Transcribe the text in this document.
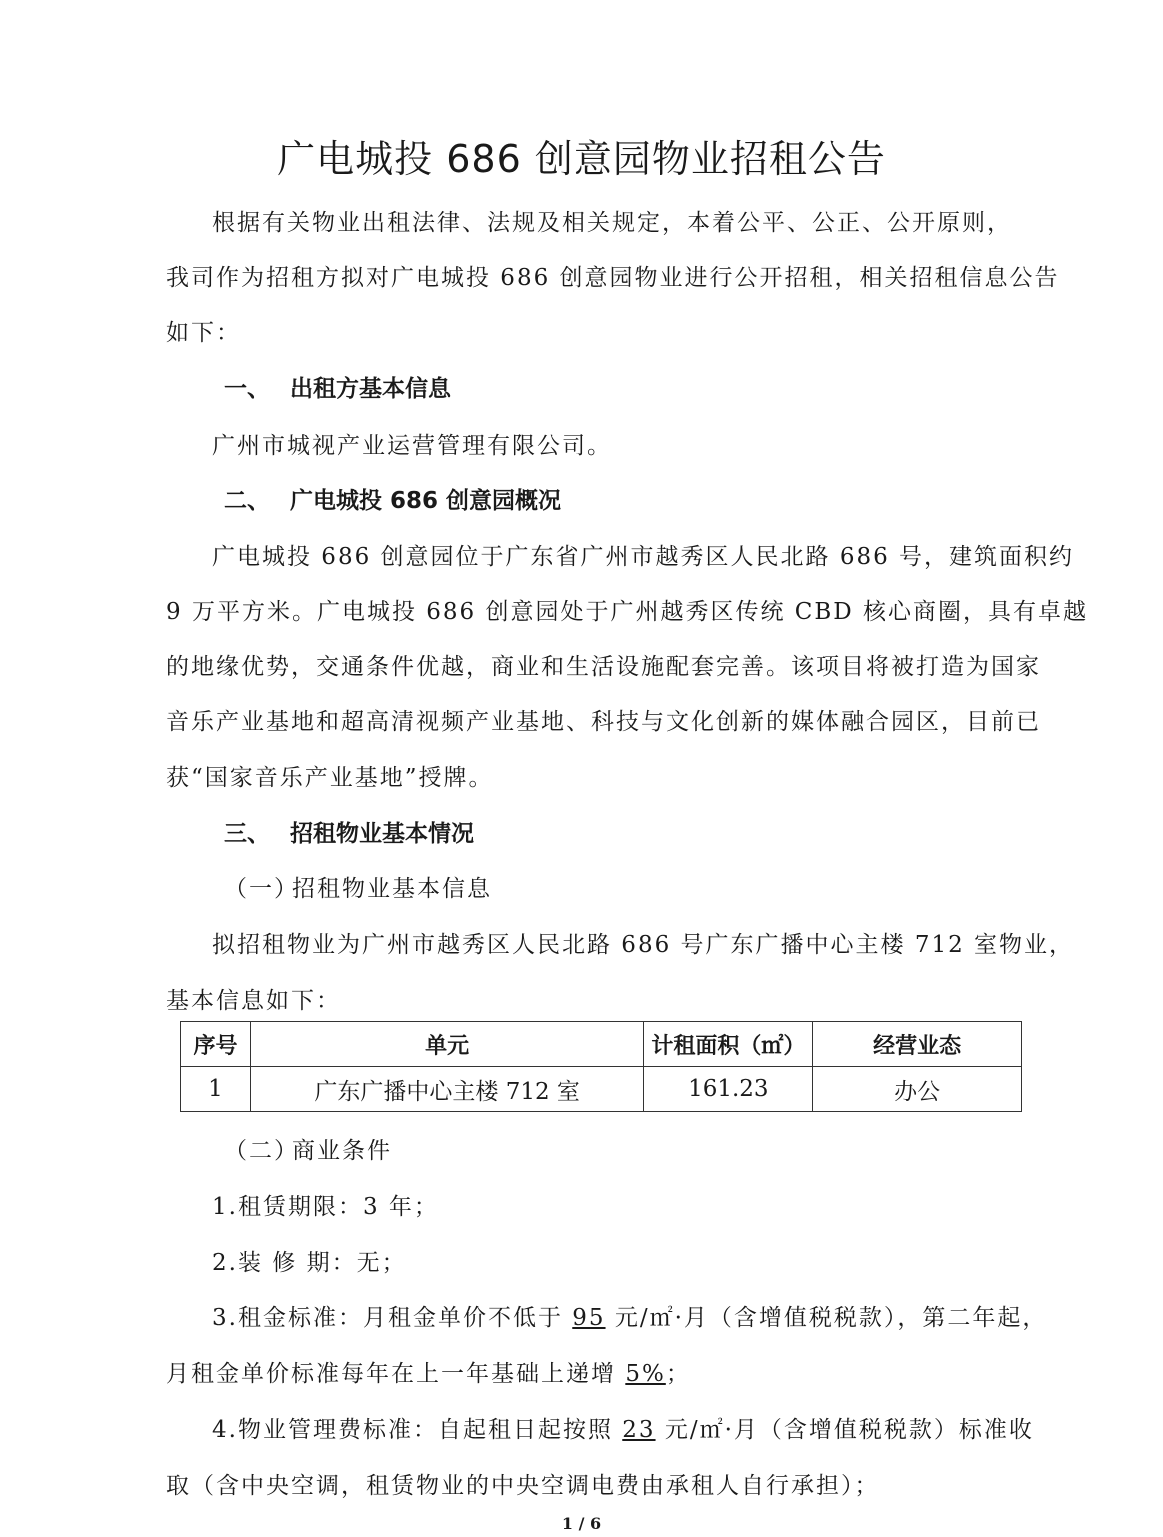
广电城投 686 创意园物业招租公告
根据有关物业出租法律、法规及相关规定，本着公平、公正、公开原则，
我司作为招租方拟对广电城投 686 创意园物业进行公开招租，相关招租信息公告
如下：
一、 出租方基本信息
广州市城视产业运营管理有限公司。
二、 广电城投 686 创意园概况
广电城投 686 创意园位于广东省广州市越秀区人民北路 686 号，建筑面积约
9 万平方米。广电城投 686 创意园处于广州越秀区传统 CBD 核心商圈，具有卓越
的地缘优势，交通条件优越，商业和生活设施配套完善。该项目将被打造为国家
音乐产业基地和超高清视频产业基地、科技与文化创新的媒体融合园区，目前已
获“国家音乐产业基地”授牌。
三、 招租物业基本情况
（一）招租物业基本信息
拟招租物业为广州市越秀区人民北路 686 号广东广播中心主楼 712 室物业，
基本信息如下：
序号	单元	计租面积（㎡）	经营业态
1	广东广播中心主楼 712 室	161.23	办公
（二）商业条件
1.租赁期限：3 年；
2.装 修 期：无；
3.租金标准：月租金单价不低于 95 元/㎡·月（含增值税税款），第二年起，
月租金单价标准每年在上一年基础上递增 5%；
4.物业管理费标准：自起租日起按照 23 元/㎡·月（含增值税税款）标准收
取（含中央空调，租赁物业的中央空调电费由承租人自行承担）；
1 / 6
